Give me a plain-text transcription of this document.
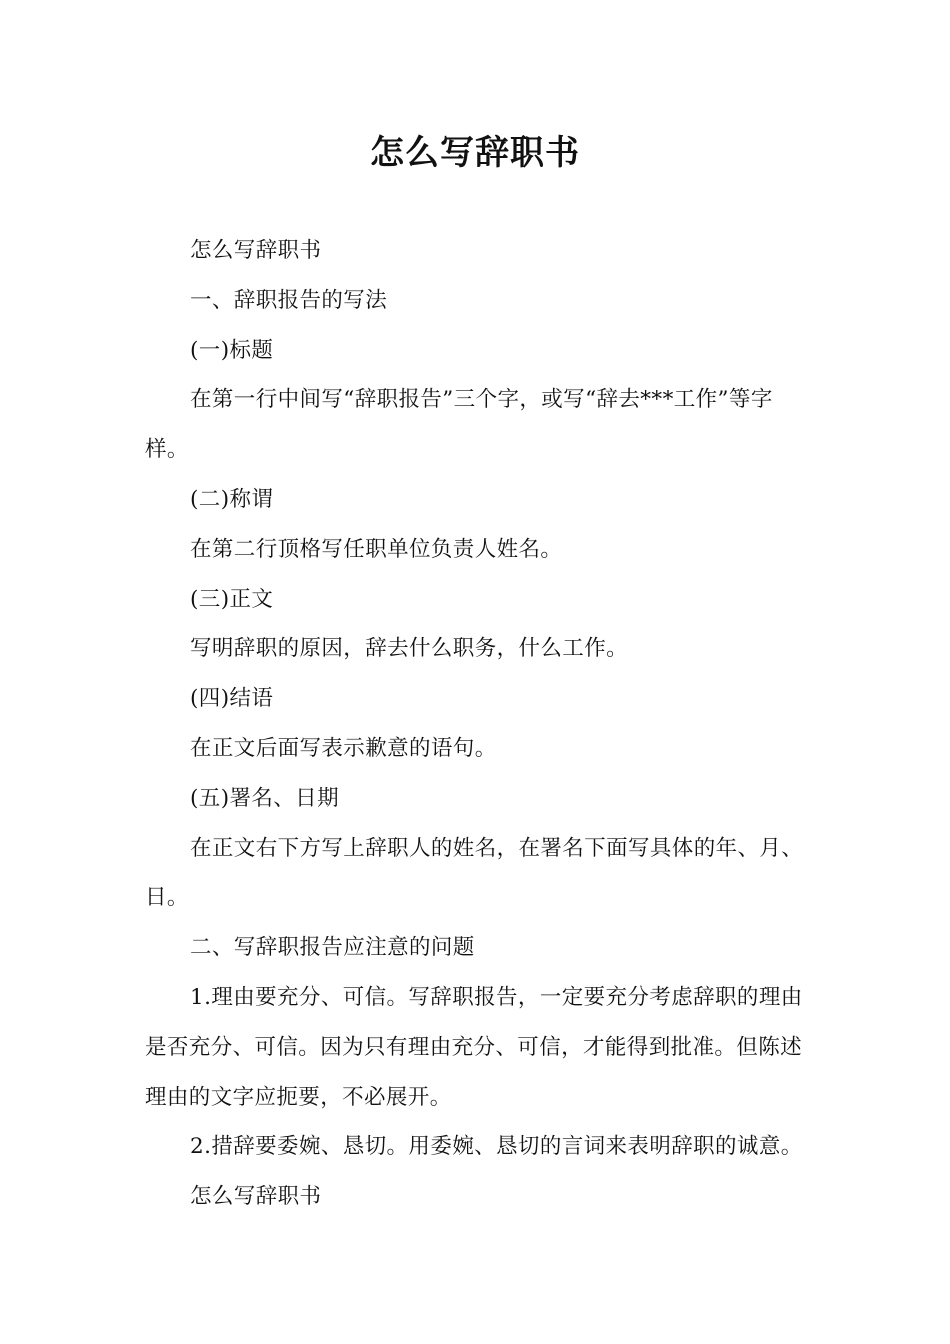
怎么写辞职书

怎么写辞职书

一、辞职报告的写法

(一)标题

在第一行中间写“辞职报告”三个字，或写“辞去***工作”等字样。

(二)称谓

在第二行顶格写任职单位负责人姓名。

(三)正文

写明辞职的原因，辞去什么职务，什么工作。

(四)结语

在正文后面写表示歉意的语句。

(五)署名、日期

在正文右下方写上辞职人的姓名，在署名下面写具体的年、月、日。

二、写辞职报告应注意的问题

1.理由要充分、可信。写辞职报告，一定要充分考虑辞职的理由是否充分、可信。因为只有理由充分、可信，才能得到批准。但陈述理由的文字应扼要，不必展开。

2.措辞要委婉、恳切。用委婉、恳切的言词来表明辞职的诚意。

怎么写辞职书
